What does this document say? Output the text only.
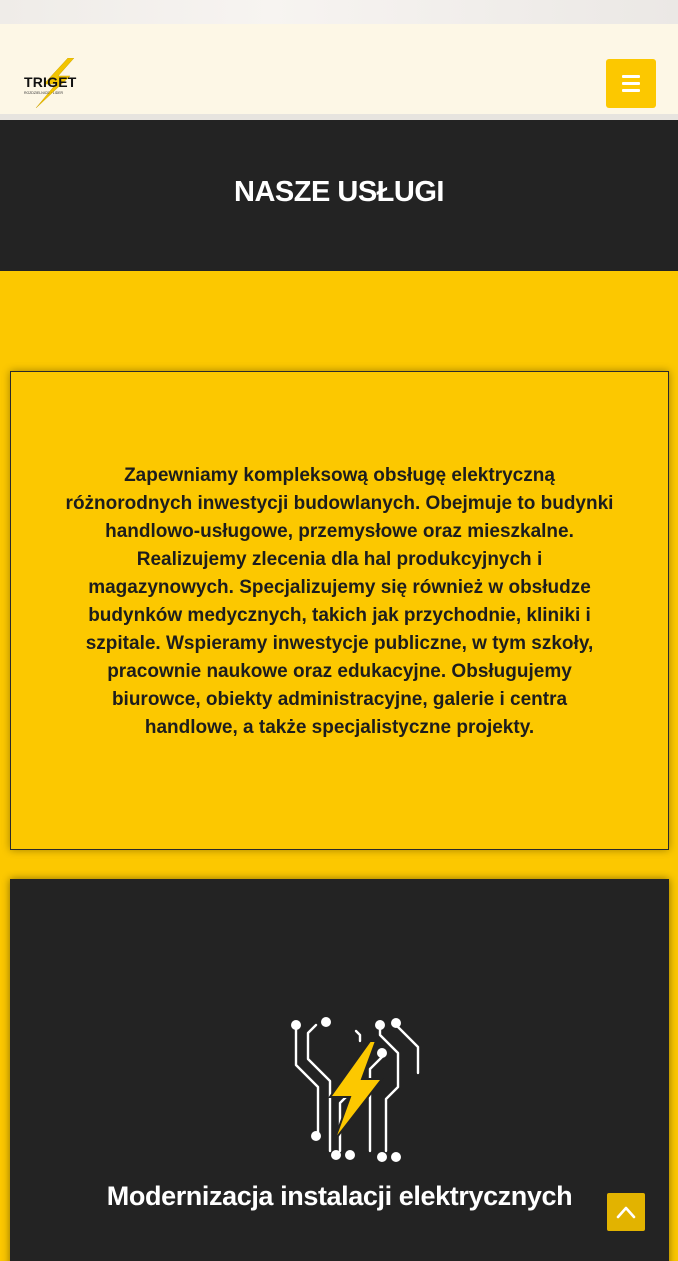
TRIGET
ROZDZIELNICE · LIDER
NASZE USŁUGI

Zapewniamy kompleksową obsługę elektryczną różnorodnych inwestycji budowlanych. Obejmuje to budynki handlowo-usługowe, przemysłowe oraz mieszkalne. Realizujemy zlecenia dla hal produkcyjnych i magazynowych. Specjalizujemy się również w obsłudze budynków medycznych, takich jak przychodnie, kliniki i szpitale. Wspieramy inwestycje publiczne, w tym szkoły, pracownie naukowe oraz edukacyjne. Obsługujemy biurowce, obiekty administracyjne, galerie i centra handlowe, a także specjalistyczne projekty.

Modernizacja instalacji elektrycznych
